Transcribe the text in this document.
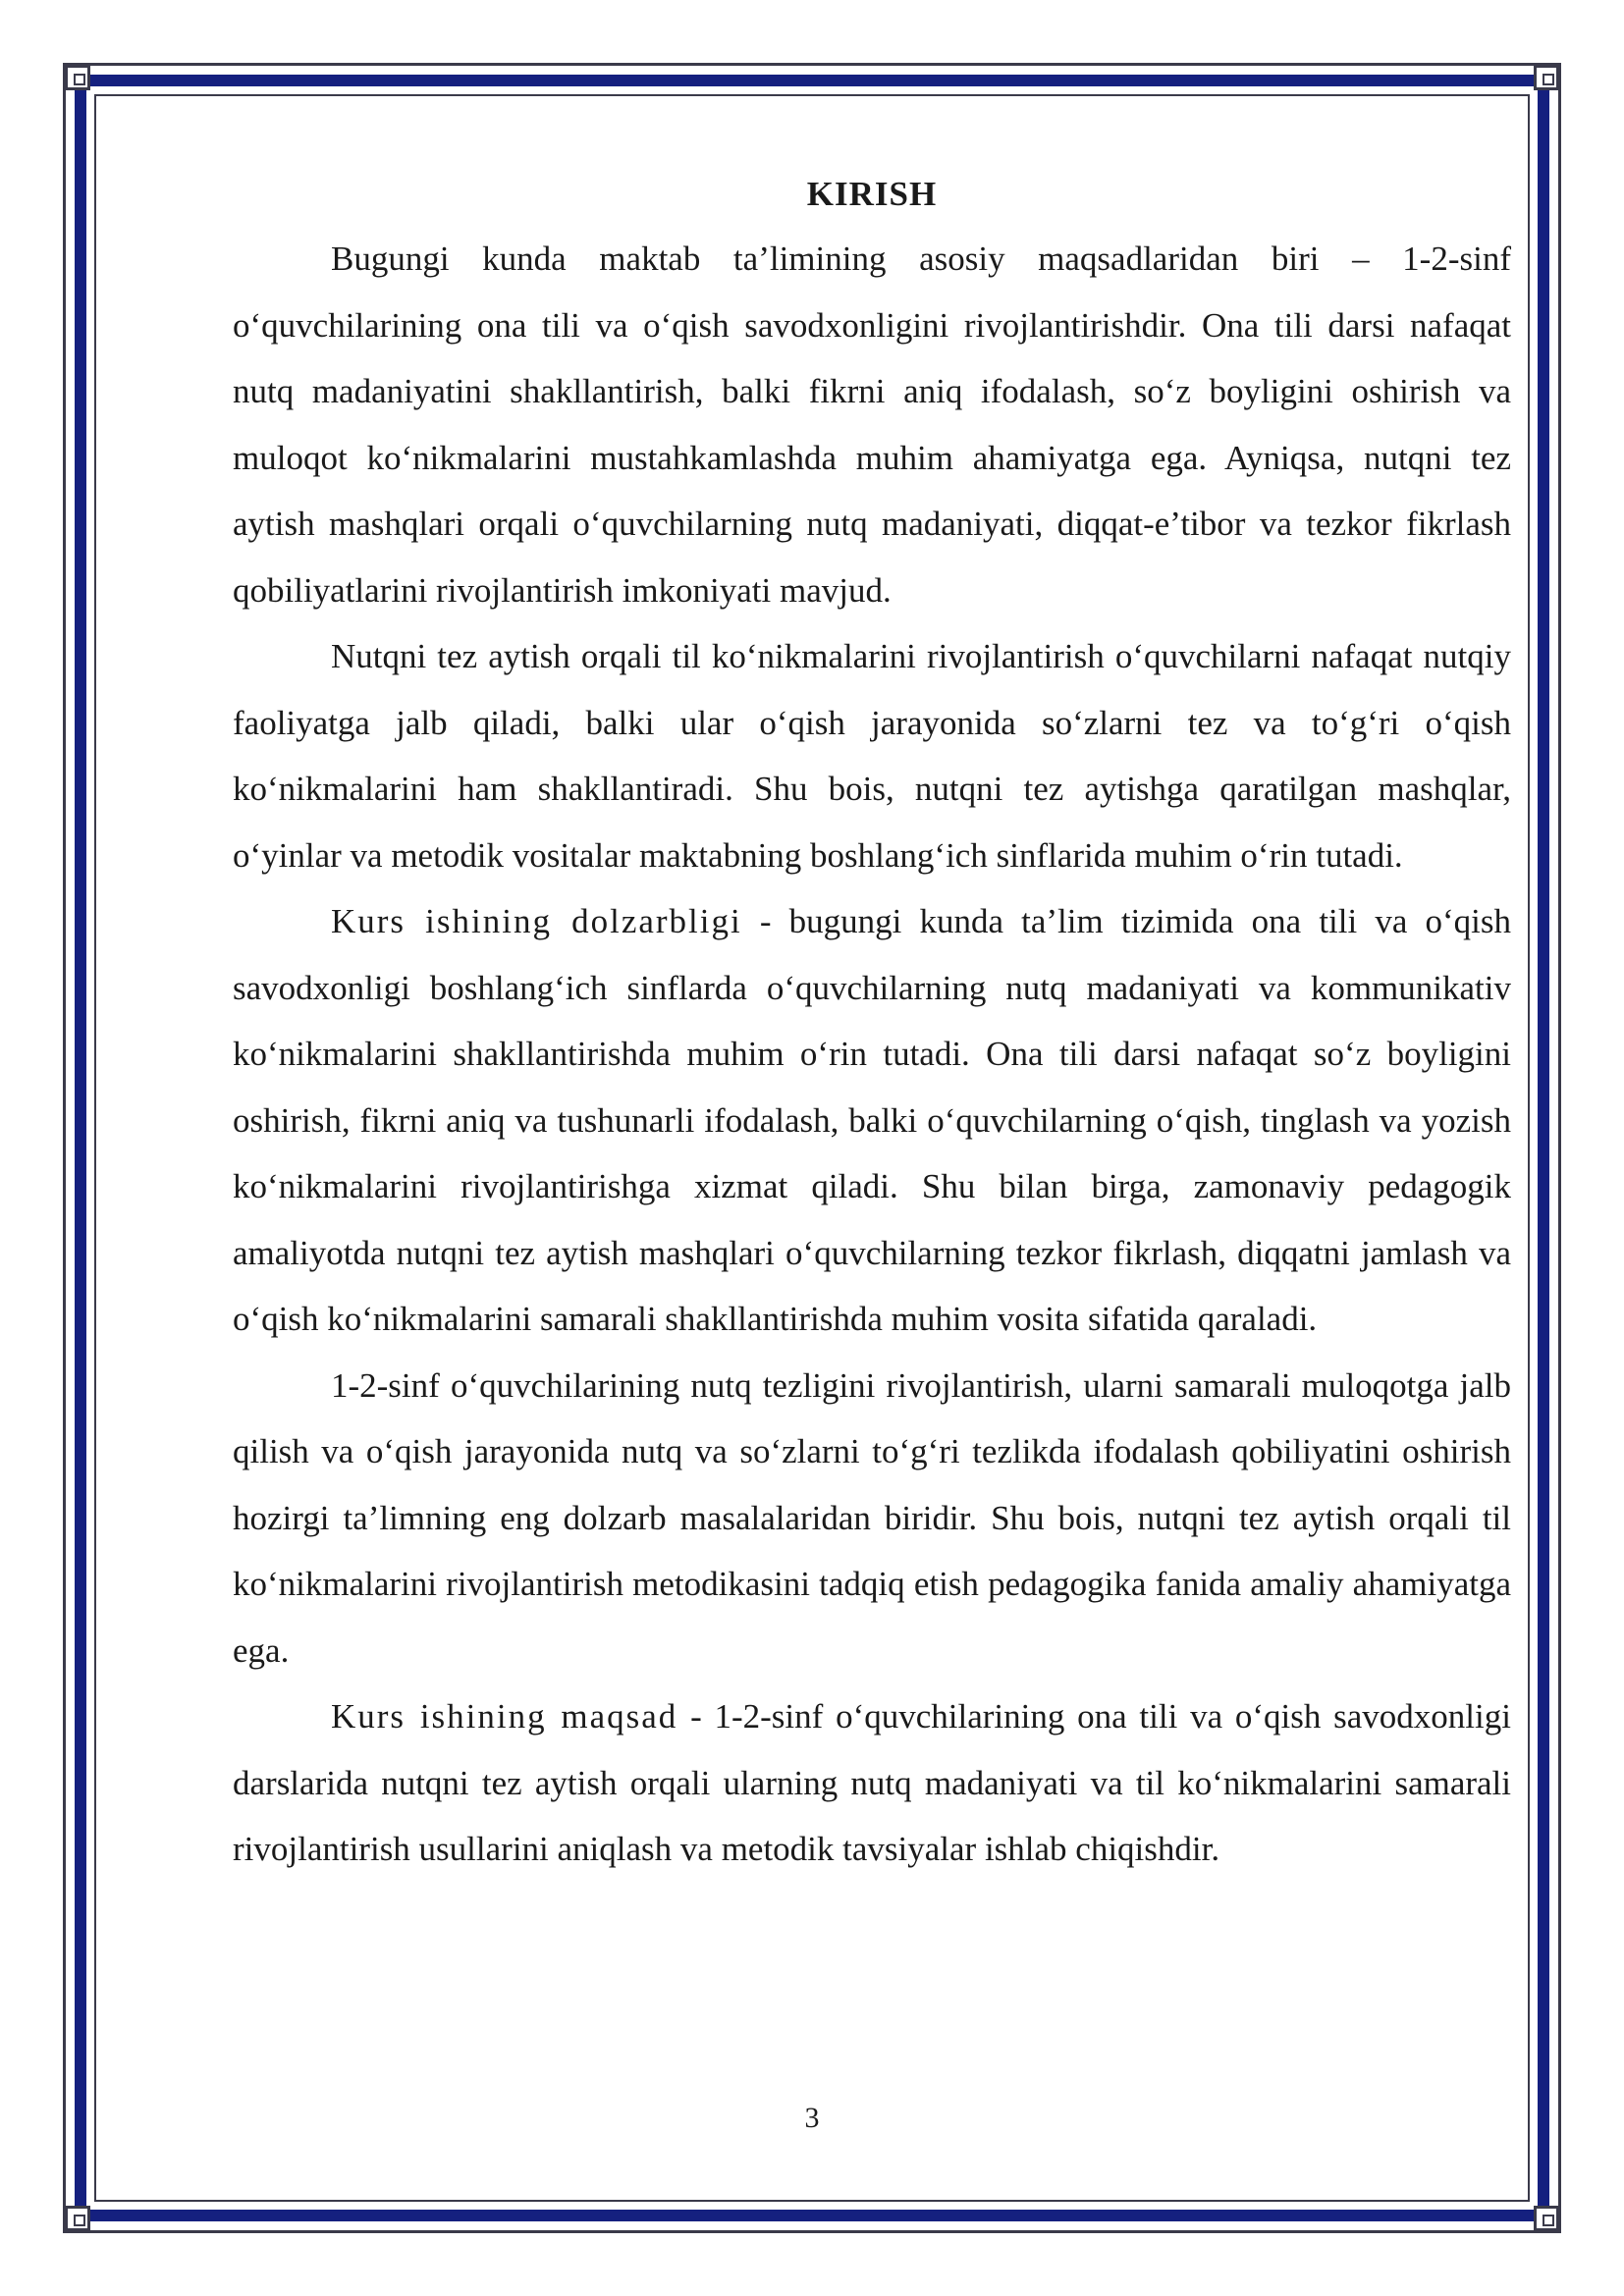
KIRISH

Bugungi kunda maktab ta’limining asosiy maqsadlaridan biri – 1-2-sinf o‘quvchilarining ona tili va o‘qish savodxonligini rivojlantirishdir. Ona tili darsi nafaqat nutq madaniyatini shakllantirish, balki fikrni aniq ifodalash, so‘z boyligini oshirish va muloqot ko‘nikmalarini mustahkamlashda muhim ahamiyatga ega. Ayniqsa, nutqni tez aytish mashqlari orqali o‘quvchilarning nutq madaniyati, diqqat-e’tibor va tezkor fikrlash qobiliyatlarini rivojlantirish imkoniyati mavjud.

Nutqni tez aytish orqali til ko‘nikmalarini rivojlantirish o‘quvchilarni nafaqat nutqiy faoliyatga jalb qiladi, balki ular o‘qish jarayonida so‘zlarni tez va to‘g‘ri o‘qish ko‘nikmalarini ham shakllantiradi. Shu bois, nutqni tez aytishga qaratilgan mashqlar, o‘yinlar va metodik vositalar maktabning boshlang‘ich sinflarida muhim o‘rin tutadi.

Kurs ishining dolzarbligi - bugungi kunda ta’lim tizimida ona tili va o‘qish savodxonligi boshlang‘ich sinflarda o‘quvchilarning nutq madaniyati va kommunikativ ko‘nikmalarini shakllantirishda muhim o‘rin tutadi. Ona tili darsi nafaqat so‘z boyligini oshirish, fikrni aniq va tushunarli ifodalash, balki o‘quvchilarning o‘qish, tinglash va yozish ko‘nikmalarini rivojlantirishga xizmat qiladi. Shu bilan birga, zamonaviy pedagogik amaliyotda nutqni tez aytish mashqlari o‘quvchilarning tezkor fikrlash, diqqatni jamlash va o‘qish ko‘nikmalarini samarali shakllantirishda muhim vosita sifatida qaraladi.

1-2-sinf o‘quvchilarining nutq tezligini rivojlantirish, ularni samarali muloqotga jalb qilish va o‘qish jarayonida nutq va so‘zlarni to‘g‘ri tezlikda ifodalash qobiliyatini oshirish hozirgi ta’limning eng dolzarb masalalaridan biridir. Shu bois, nutqni tez aytish orqali til ko‘nikmalarini rivojlantirish metodikasini tadqiq etish pedagogika fanida amaliy ahamiyatga ega.

Kurs ishining maqsad - 1-2-sinf o‘quvchilarining ona tili va o‘qish savodxonligi darslarida nutqni tez aytish orqali ularning nutq madaniyati va til ko‘nikmalarini samarali rivojlantirish usullarini aniqlash va metodik tavsiyalar ishlab chiqishdir.

3
